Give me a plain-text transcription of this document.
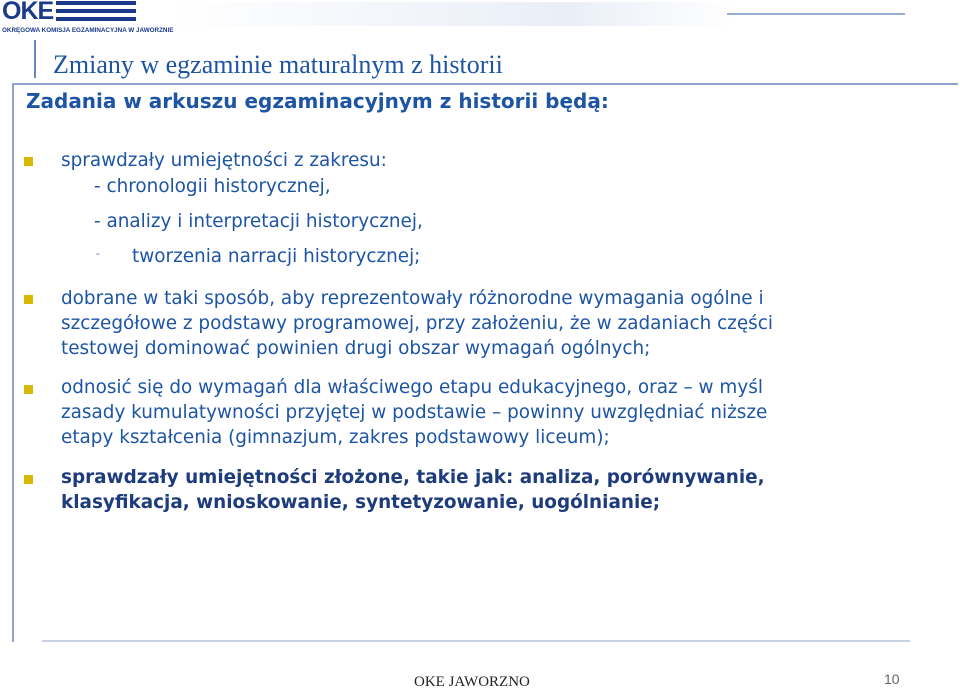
OKE
OKRĘGOWA KOMISJA EGZAMINACYJNA W JAWORZNIE
Zmiany w egzaminie maturalnym z historii
Zadania w arkuszu egzaminacyjnym z historii będą:

sprawdzały umiejętności z zakresu:

- chronologii historycznej,

- analizy i interpretacji historycznej,

- tworzenia narracji historycznej;

dobrane w taki sposób, aby reprezentowały różnorodne wymagania ogólne i

szczegółowe z podstawy programowej, przy założeniu, że w zadaniach części

testowej dominować powinien drugi obszar wymagań ogólnych;

odnosić się do wymagań dla właściwego etapu edukacyjnego, oraz – w myśl

zasady kumulatywności przyjętej w podstawie – powinny uwzględniać niższe

etapy kształcenia (gimnazjum, zakres podstawowy liceum);

sprawdzały umiejętności złożone, takie jak: analiza, porównywanie,

klasyfikacja, wnioskowanie, syntetyzowanie, uogólnianie;

OKE JAWORZNO	10
